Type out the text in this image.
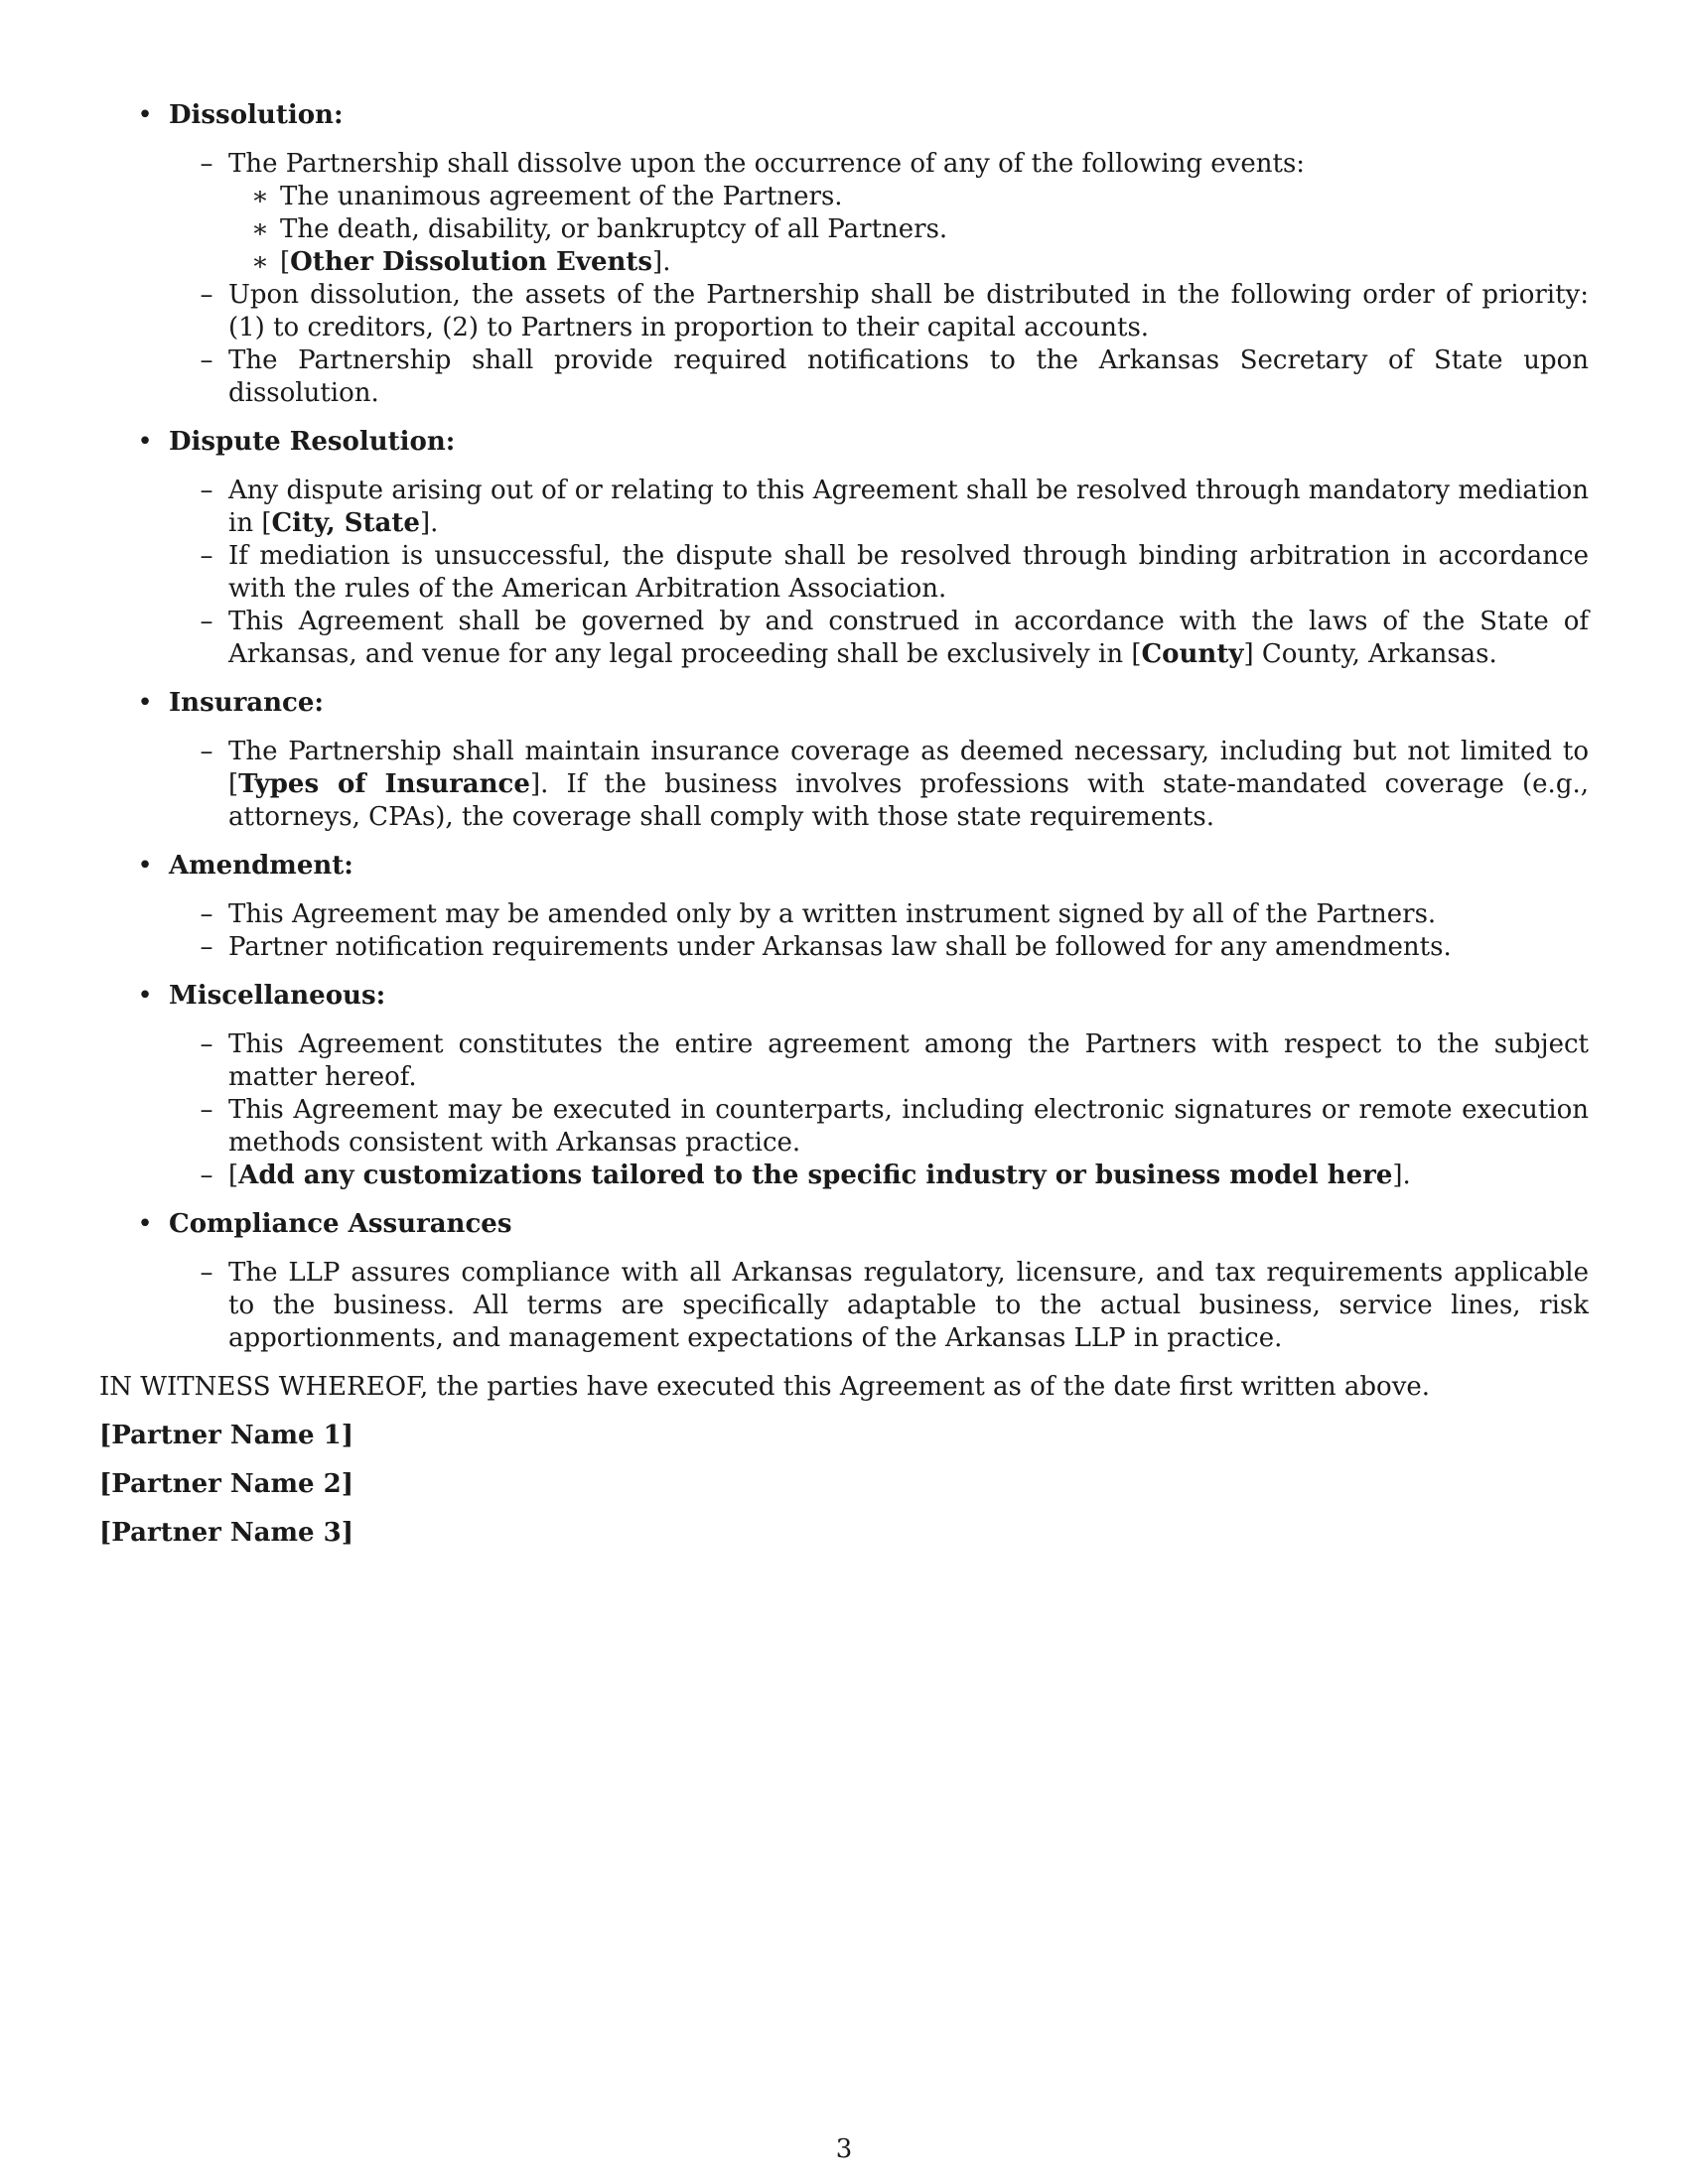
• Dissolution:
– The Partnership shall dissolve upon the occurrence of any of the following events:
∗ The unanimous agreement of the Partners.
∗ The death, disability, or bankruptcy of all Partners.
∗ [Other Dissolution Events].
– Upon dissolution, the assets of the Partnership shall be distributed in the following order of priority: (1) to creditors, (2) to Partners in proportion to their capital accounts.
– The Partnership shall provide required notifications to the Arkansas Secretary of State upon dissolution.
• Dispute Resolution:
– Any dispute arising out of or relating to this Agreement shall be resolved through mandatory mediation in [City, State].
– If mediation is unsuccessful, the dispute shall be resolved through binding arbitration in accordance with the rules of the American Arbitration Association.
– This Agreement shall be governed by and construed in accordance with the laws of the State of Arkansas, and venue for any legal proceeding shall be exclusively in [County] County, Arkansas.
• Insurance:
– The Partnership shall maintain insurance coverage as deemed necessary, including but not limited to [Types of Insurance]. If the business involves professions with state-mandated coverage (e.g., attorneys, CPAs), the coverage shall comply with those state requirements.
• Amendment:
– This Agreement may be amended only by a written instrument signed by all of the Partners.
– Partner notification requirements under Arkansas law shall be followed for any amendments.
• Miscellaneous:
– This Agreement constitutes the entire agreement among the Partners with respect to the subject matter hereof.
– This Agreement may be executed in counterparts, including electronic signatures or remote execution methods consistent with Arkansas practice.
– [Add any customizations tailored to the specific industry or business model here].
• Compliance Assurances
– The LLP assures compliance with all Arkansas regulatory, licensure, and tax requirements applicable to the business. All terms are specifically adaptable to the actual business, service lines, risk apportionments, and management expectations of the Arkansas LLP in practice.
IN WITNESS WHEREOF, the parties have executed this Agreement as of the date first written above.
[Partner Name 1]
[Partner Name 2]
[Partner Name 3]
3
